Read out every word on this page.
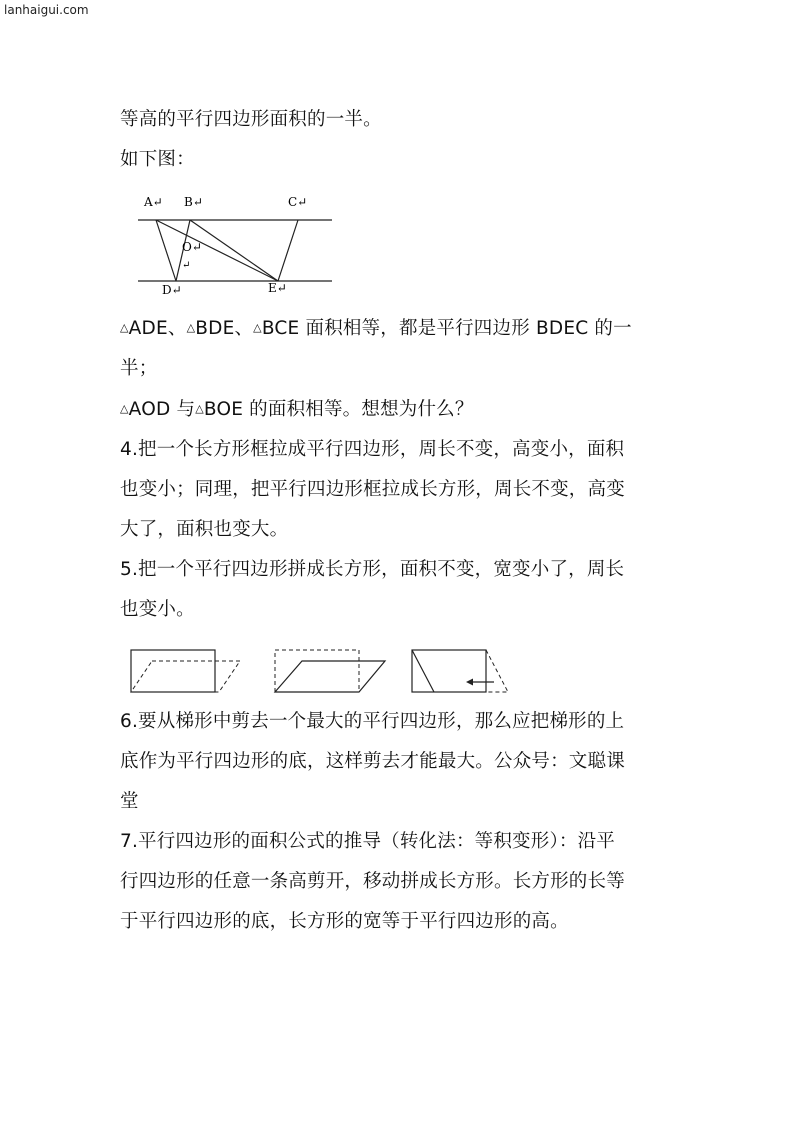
lanhaigui.com

等高的平行四边形面积的一半。

如下图：

A↵ B↵	C↵
O↵
↵
D↵	E↵

△ADE、△BDE、△BCE 面积相等，都是平行四边形 BDEC 的一

半；

△AOD 与△BOE 的面积相等。想想为什么？

4.把一个长方形框拉成平行四边形，周长不变，高变小，面积

也变小；同理，把平行四边形框拉成长方形，周长不变，高变

大了，面积也变大。

5.把一个平行四边形拼成长方形，面积不变，宽变小了，周长

也变小。

6.要从梯形中剪去一个最大的平行四边形，那么应把梯形的上

底作为平行四边形的底，这样剪去才能最大。公众号：文聪课

堂

7.平行四边形的面积公式的推导（转化法：等积变形）：沿平

行四边形的任意一条高剪开，移动拼成长方形。长方形的长等

于平行四边形的底，长方形的宽等于平行四边形的高。
